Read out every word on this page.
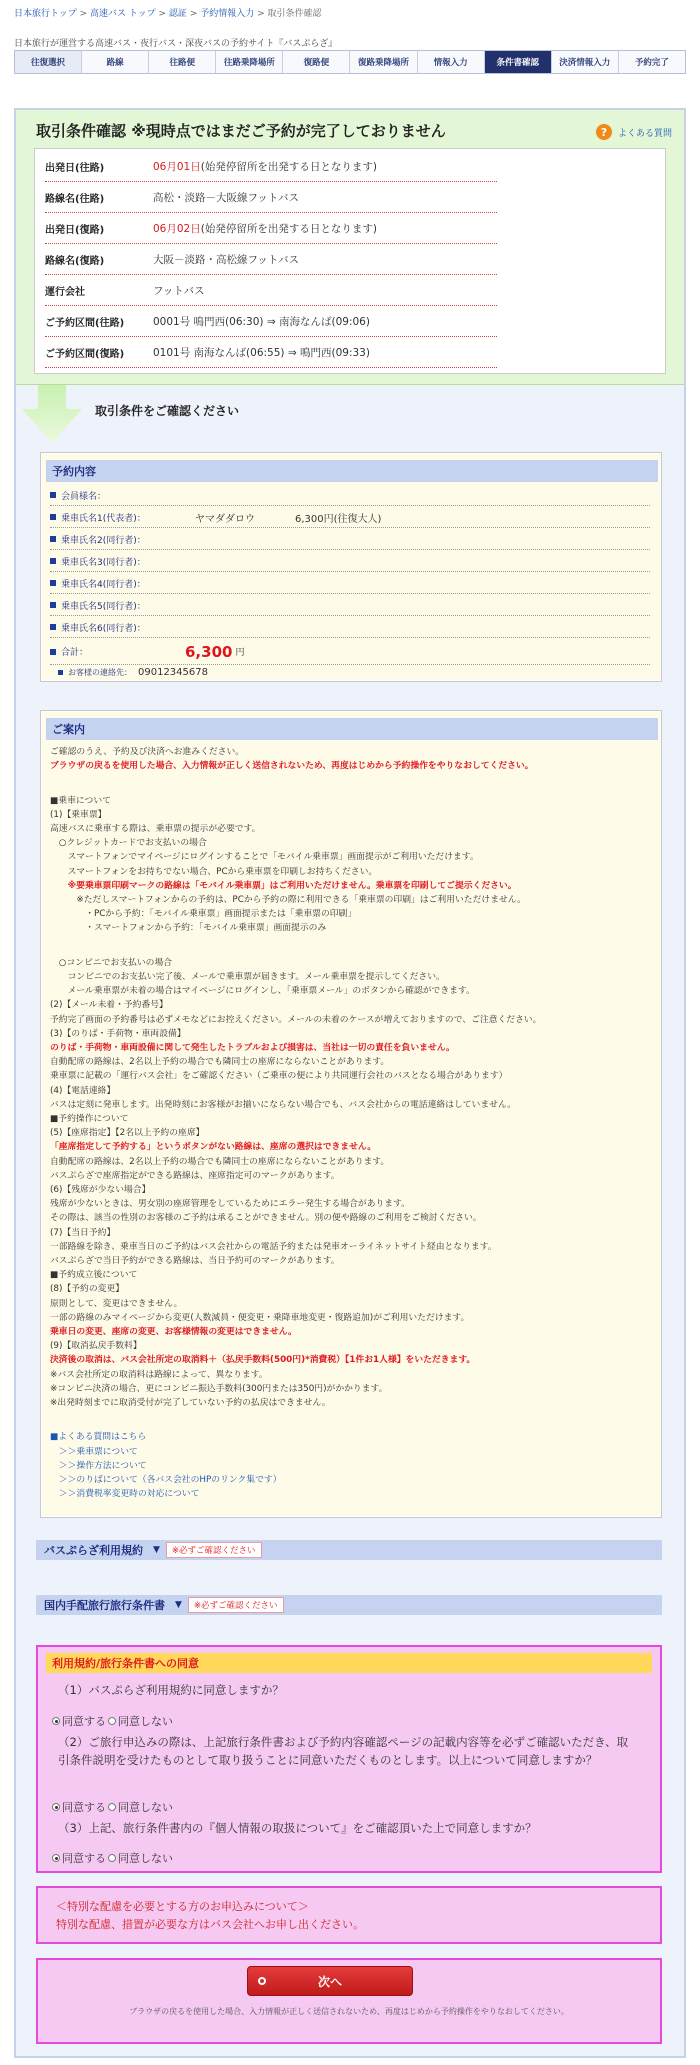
日本旅行トップ > 高速バス トップ > 認証 > 予約情報入力 > 取引条件確認
日本旅行が運営する高速バス・夜行バス・深夜バスの予約サイト『バスぷらざ』
往復選択	路線	往路便	往路乗降場所	復路便	復路乗降場所	情報入力	条件書確認	決済情報入力	予約完了
取引条件確認 ※現時点ではまだご予約が完了しておりません	?	よくある質問
出発日(往路)	06月01日(始発停留所を出発する日となります)
路線名(往路)	高松・淡路－大阪線フットバス
出発日(復路)	06月02日(始発停留所を出発する日となります)
路線名(復路)	大阪－淡路・高松線フットバス
運行会社	フットバス
ご予約区間(往路)	0001号 鳴門西(06:30) ⇒ 南海なんば(09:06)
ご予約区間(復路)	0101号 南海なんば(06:55) ⇒ 鳴門西(09:33)
取引条件をご確認ください
予約内容
会員様名：
乗車氏名1(代表者)：	ヤマダダロウ　　　　6,300円(往復大人)
乗車氏名2(同行者)：
乗車氏名3(同行者)：
乗車氏名4(同行者)：
乗車氏名5(同行者)：
乗車氏名6(同行者)：
合計：	6,300 円
お客様の連絡先： 09012345678
ご案内
ご確認のうえ、予約及び決済へお進みください。
ブラウザの戻るを使用した場合、入力情報が正しく送信されないため、再度はじめから予約操作をやりなおしてください。
■乗車について
(1)【乗車票】
高速バスに乗車する際は、乗車票の提示が必要です。
　○クレジットカードでお支払いの場合
　　スマートフォンでマイページにログインすることで「モバイル乗車票」画面提示がご利用いただけます。
　　スマートフォンをお持ちでない場合、PCから乗車票を印刷しお持ちください。
　　※要乗車票印刷マークの路線は「モバイル乗車票」はご利用いただけません。乗車票を印刷してご提示ください。
　　　※ただしスマートフォンからの予約は、PCから予約の際に利用できる「乗車票の印刷」はご利用いただけません。
　　　　・PCから予約：「モバイル乗車票」画面提示または「乗車票の印刷」
　　　　・スマートフォンから予約：「モバイル乗車票」画面提示のみ
　○コンビニでお支払いの場合
　　コンビニでのお支払い完了後、メールで乗車票が届きます。メール乗車票を提示してください。
　　メール乗車票が未着の場合はマイページにログインし、「乗車票メール」のボタンから確認ができます。
(2)【メール未着・予約番号】
予約完了画面の予約番号は必ずメモなどにお控えください。メールの未着のケースが増えておりますので、ご注意ください。
(3)【のりば・手荷物・車両設備】
のりば・手荷物・車両設備に関して発生したトラブルおよび損害は、当社は一切の責任を負いません。
自動配席の路線は、2名以上予約の場合でも隣同士の座席にならないことがあります。
乗車票に記載の「運行バス会社」をご確認ください（ご乗車の便により共同運行会社のバスとなる場合があります）
(4)【電話連絡】
バスは定刻に発車します。出発時刻にお客様がお揃いにならない場合でも、バス会社からの電話連絡はしていません。
■予約操作について
(5)【座席指定】【2名以上予約の座席】
「座席指定して予約する」というボタンがない路線は、座席の選択はできません。
自動配席の路線は、2名以上予約の場合でも隣同士の座席にならないことがあります。
バスぷらざで座席指定ができる路線は、座席指定可のマークがあります。
(6)【残席が少ない場合】
残席が少ないときは、男女別の座席管理をしているためにエラー発生する場合があります。
その際は、該当の性別のお客様のご予約は承ることができません。別の便や路線のご利用をご検討ください。
(7)【当日予約】
一部路線を除き、乗車当日のご予約はバス会社からの電話予約または発車オーライネットサイト経由となります。
バスぷらざで当日予約ができる路線は、当日予約可のマークがあります。
■予約成立後について
(8)【予約の変更】
原則として、変更はできません。
一部の路線のみマイページから変更(人数減員・便変更・乗降車地変更・復路追加)がご利用いただけます。
乗車日の変更、座席の変更、お客様情報の変更はできません。
(9)【取消払戻手数料】
決済後の取消は、バス会社所定の取消料＋（払戻手数料(500円)*消費税）【1件お1人様】をいただきます。
※バス会社所定の取消料は路線によって、異なります。
※コンビニ決済の場合、更にコンビニ振込手数料(300円または350円)がかかります。
※出発時刻までに取消受付が完了していない予約の払戻はできません。
■よくある質問はこちら
　＞＞乗車票について
　＞＞操作方法について
　＞＞のりばについて（各バス会社のHPのリンク集です）
　＞＞消費税率変更時の対応について
バスぷらざ利用規約 ▼	※必ずご確認ください
国内手配旅行旅行条件書 ▼	※必ずご確認ください
利用規約/旅行条件書への同意
（1）バスぷらざ利用規約に同意しますか？
同意する 同意しない
（2）ご旅行申込みの際は、上記旅行条件書および予約内容確認ページの記載内容等を必ずご確認いただき、取引条件説明を受けたものとして取り扱うことに同意いただくものとします。以上について同意しますか？
同意する 同意しない
（3）上記、旅行条件書内の『個人情報の取扱について』をご確認頂いた上で同意しますか？
同意する 同意しない

＜特別な配慮を必要とする方のお申込みについて＞

特別な配慮、措置が必要な方はバス会社へお申し出ください。

次へ
ブラウザの戻るを使用した場合、入力情報が正しく送信されないため、再度はじめから予約操作をやりなおしてください。
